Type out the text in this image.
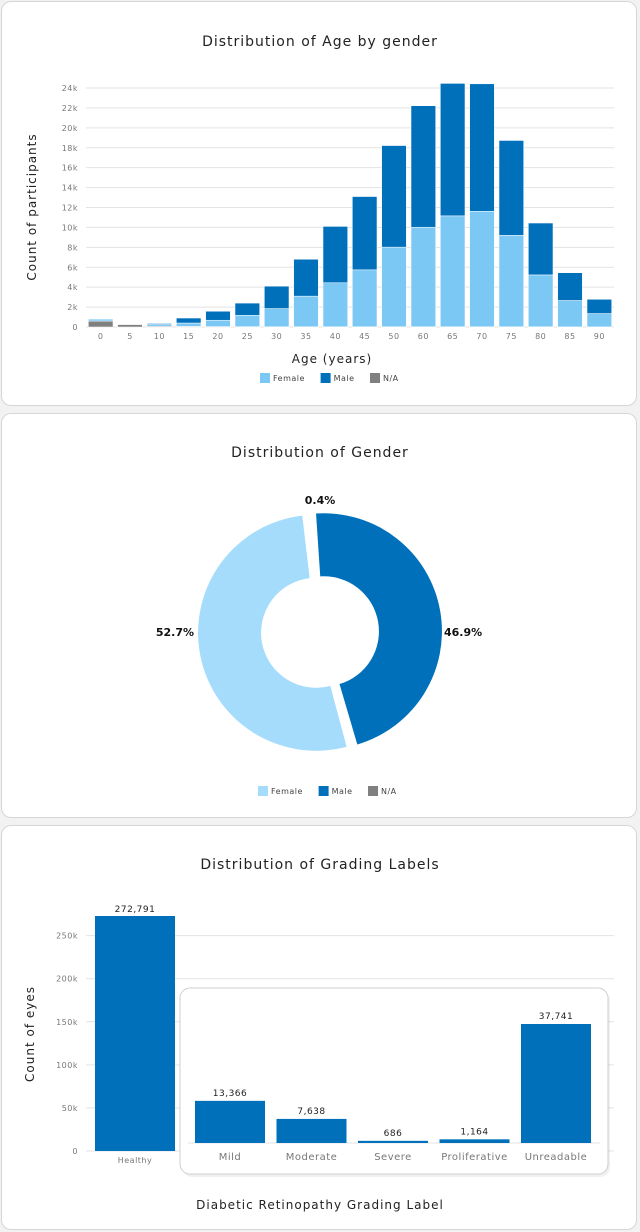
Distribution of Age by gender
0
2k
4k
6k
8k
10k
12k
14k
16k
18k
20k
22k
24k
0	5	10 15 20 25 30 35 40 45 50 60 65 70 75 80 85 90
Age (years)
Count of participants
Female	Male	N/A
Distribution of Gender
0.4%
46.9%
52.7%
Female	Male	N/A
Distribution of Grading Labels
0
50k
100k
150k
200k
250k
272,791
Healthy
13,366
Mild
7,638
Moderate
686
Severe
1,164
Proliferative
37,741
Unreadable
Diabetic Retinopathy Grading Label
Count of eyes
